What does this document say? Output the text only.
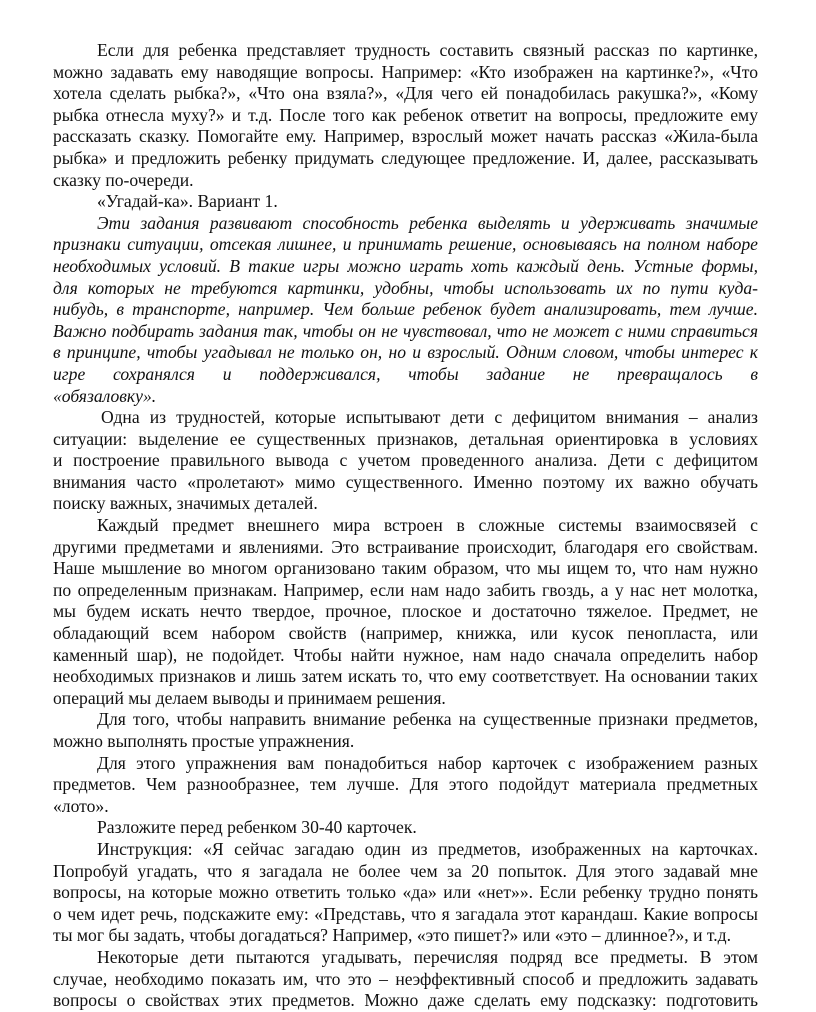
Если для ребенка представляет трудность составить связный рассказ по картинке,
можно задавать ему наводящие вопросы. Например: «Кто изображен на картинке?», «Что
хотела сделать рыбка?», «Что она взяла?», «Для чего ей понадобилась ракушка?», «Кому
рыбка отнесла муху?» и т.д. После того как ребенок ответит на вопросы, предложите ему
рассказать сказку. Помогайте ему. Например, взрослый может начать рассказ «Жила-была
рыбка» и предложить ребенку придумать следующее предложение. И, далее, рассказывать
сказку по-очереди.
«Угадай-ка». Вариант 1.
Эти задания развивают способность ребенка выделять и удерживать значимые
признаки ситуации, отсекая лишнее, и принимать решение, основываясь на полном наборе
необходимых условий. В такие игры можно играть хоть каждый день. Устные формы,
для которых не требуются картинки, удобны, чтобы использовать их по пути куда-
нибудь, в транспорте, например. Чем больше ребенок будет анализировать, тем лучше.
Важно подбирать задания так, чтобы он не чувствовал, что не может с ними справиться
в принципе, чтобы угадывал не только он, но и взрослый. Одним словом, чтобы интерес к
игре сохранялся и поддерживался, чтобы задание не превращалось в
«обязаловку».
Одна из трудностей, которые испытывают дети с дефицитом внимания – анализ
ситуации: выделение ее существенных признаков, детальная ориентировка в условиях
и построение правильного вывода с учетом проведенного анализа. Дети с дефицитом
внимания часто «пролетают» мимо существенного. Именно поэтому их важно обучать
поиску важных, значимых деталей.
Каждый предмет внешнего мира встроен в сложные системы взаимосвязей с
другими предметами и явлениями. Это встраивание происходит, благодаря его свойствам.
Наше мышление во многом организовано таким образом, что мы ищем то, что нам нужно
по определенным признакам. Например, если нам надо забить гвоздь, а у нас нет молотка,
мы будем искать нечто твердое, прочное, плоское и достаточно тяжелое. Предмет, не
обладающий всем набором свойств (например, книжка, или кусок пенопласта, или
каменный шар), не подойдет. Чтобы найти нужное, нам надо сначала определить набор
необходимых признаков и лишь затем искать то, что ему соответствует. На основании таких
операций мы делаем выводы и принимаем решения.
Для того, чтобы направить внимание ребенка на существенные признаки предметов,
можно выполнять простые упражнения.
Для этого упражнения вам понадобиться набор карточек с изображением разных
предметов. Чем разнообразнее, тем лучше. Для этого подойдут материала предметных
«лото».
Разложите перед ребенком 30-40 карточек.
Инструкция: «Я сейчас загадаю один из предметов, изображенных на карточках.
Попробуй угадать, что я загадала не более чем за 20 попыток. Для этого задавай мне
вопросы, на которые можно ответить только «да» или «нет»». Если ребенку трудно понять
о чем идет речь, подскажите ему: «Представь, что я загадала этот карандаш. Какие вопросы
ты мог бы задать, чтобы догадаться? Например, «это пишет?» или «это – длинное?», и т.д.
Некоторые дети пытаются угадывать, перечисляя подряд все предметы. В этом
случае, необходимо показать им, что это – неэффективный способ и предложить задавать
вопросы о свойствах этих предметов. Можно даже сделать ему подсказку: подготовить
